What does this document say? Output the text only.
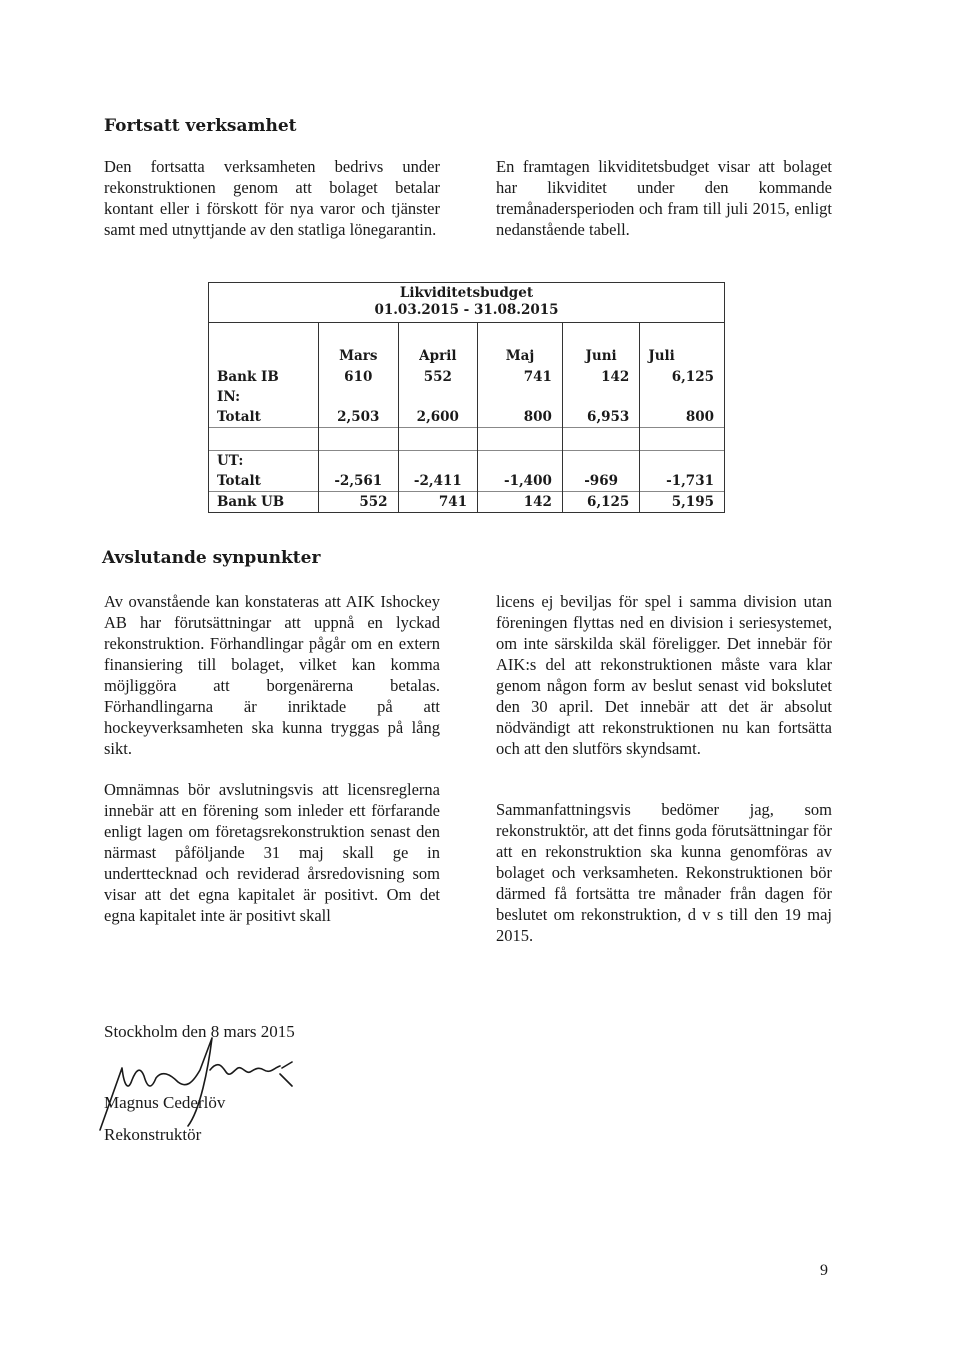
Fortsatt verksamhet

Den fortsatta verksamheten bedrivs under rekonstruktionen genom att bolaget betalar kontant eller i förskott för nya varor och tjänster samt med utnyttjande av den statliga lönegarantin.

En framtagen likviditetsbudget visar att bolaget har likviditet under den kommande tremånadersperioden och fram till juli 2015, enligt nedanstående tabell.

Likviditetsbudget
01.03.2015 - 31.08.2015

	Mars	April	Maj	Juni	Juli
Bank IB	610	552	741	142	6,125
IN:					
Totalt	2,503	2,600	800	6,953	800

UT:					
Totalt	-2,561	-2,411	-1,400	-969	-1,731
Bank UB	552	741	142	6,125	5,195
Avslutande synpunkter

Av ovanstående kan konstateras att AIK Ishockey AB har förutsättningar att uppnå en lyckad rekonstruktion. Förhandlingar pågår om en extern finansiering till bolaget, vilket kan komma möjliggöra att borgenärerna betalas. Förhandlingarna är inriktade på att hockeyverksamheten ska kunna tryggas på lång sikt.

Omnämnas bör avslutningsvis att licensreglerna innebär att en förening som inleder ett förfarande enligt lagen om företagsrekonstruktion senast den närmast påföljande 31 maj skall ge in underttecknad och reviderad årsredovisning som visar att det egna kapitalet är positivt. Om det egna kapitalet inte är positivt skall

licens ej beviljas för spel i samma division utan föreningen flyttas ned en division i seriesystemet, om inte särskilda skäl föreligger. Det innebär för AIK:s del att rekonstruktionen måste vara klar genom någon form av beslut senast vid bokslutet den 30 april. Det innebär att det är absolut nödvändigt att rekonstruktionen nu kan fortsätta och att den slutförs skyndsamt.

Sammanfattningsvis bedömer jag, som rekonstruktör, att det finns goda förutsättningar för att en rekonstruktion ska kunna genomföras av bolaget och verksamheten. Rekonstruktionen bör därmed få fortsätta tre månader från dagen för beslutet om rekonstruktion, d v s till den 19 maj 2015.

Stockholm den 8 mars 2015
Magnus Cederlöv
Rekonstruktör
9
